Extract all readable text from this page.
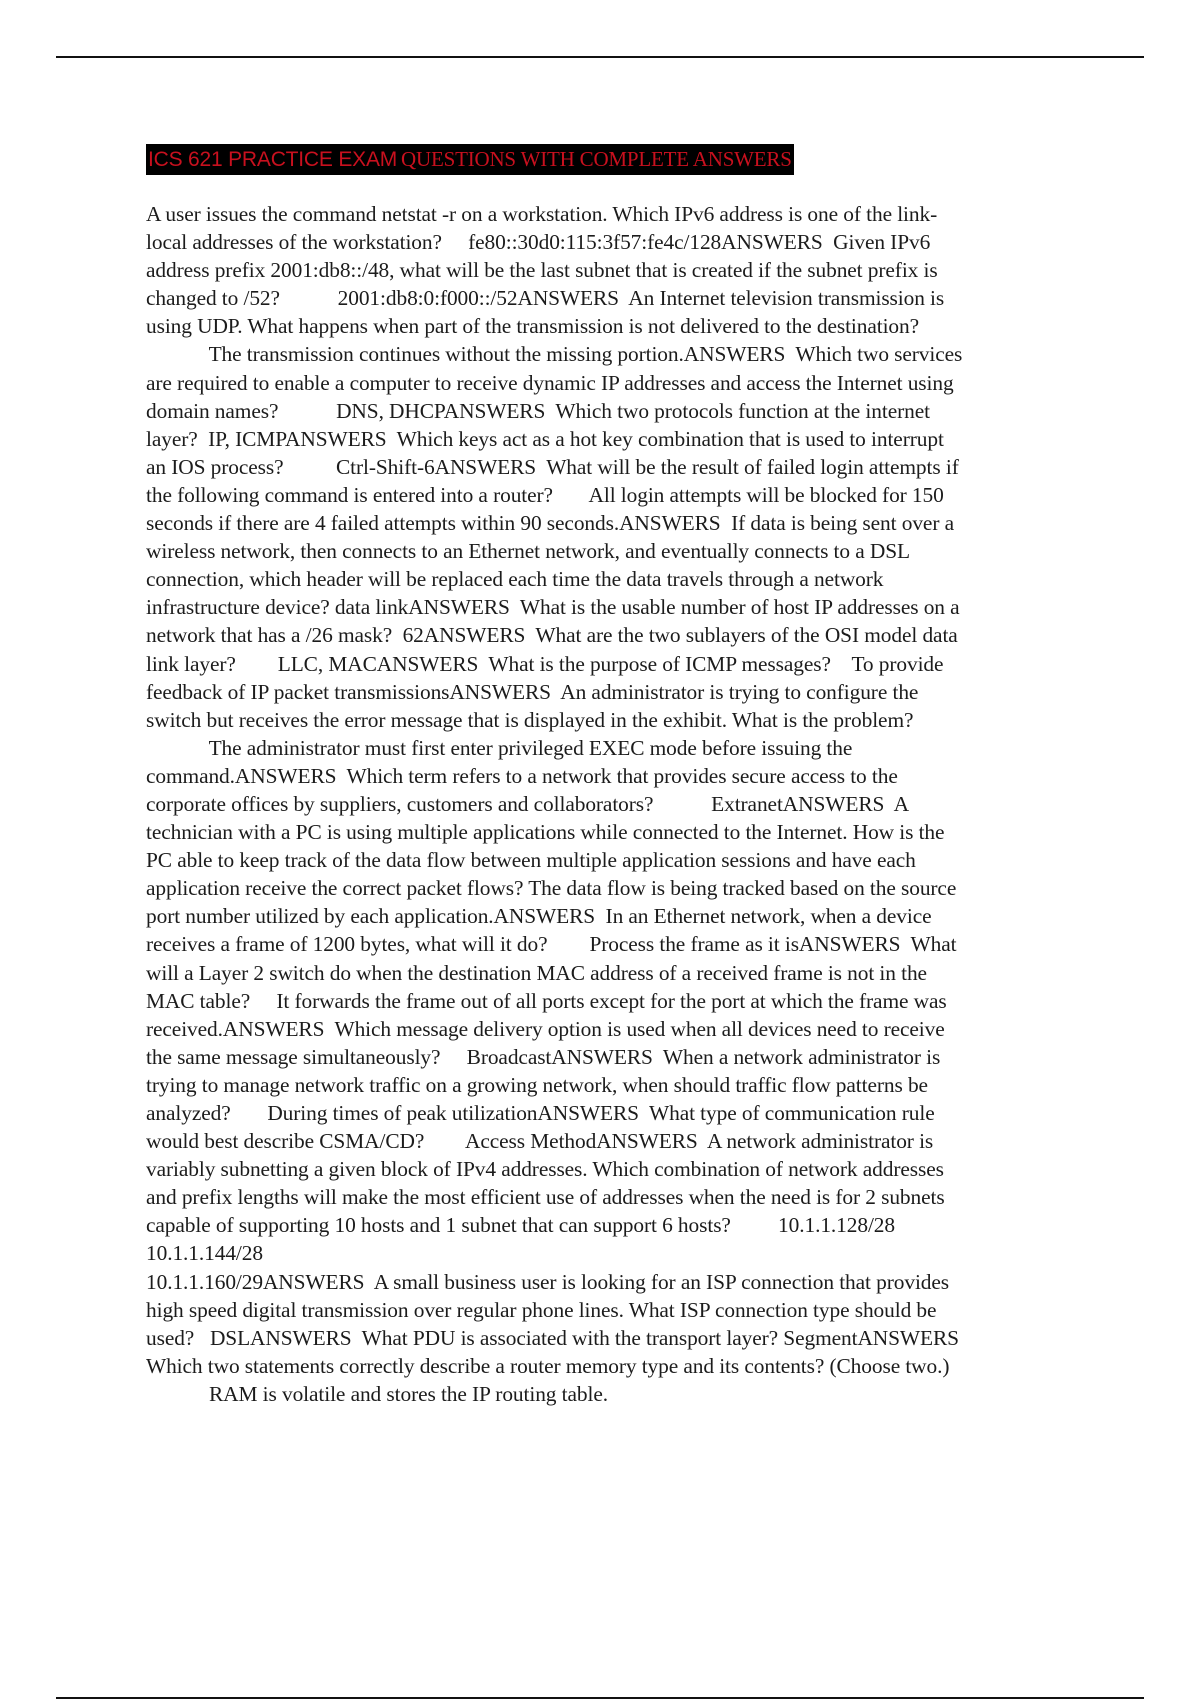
ICS 621 PRACTICE EXAM QUESTIONS WITH COMPLETE ANSWERS
A user issues the command netstat -r on a workstation. Which IPv6 address is one of the link-
local addresses of the workstation?     fe80::30d0:115:3f57:fe4c/128ANSWERS  Given IPv6
address prefix 2001:db8::/48, what will be the last subnet that is created if the subnet prefix is
changed to /52?           2001:db8:0:f000::/52ANSWERS  An Internet television transmission is
using UDP. What happens when part of the transmission is not delivered to the destination?
The transmission continues without the missing portion.ANSWERS  Which two services
are required to enable a computer to receive dynamic IP addresses and access the Internet using
domain names?           DNS, DHCPANSWERS  Which two protocols function at the internet
layer?  IP, ICMPANSWERS  Which keys act as a hot key combination that is used to interrupt
an IOS process?          Ctrl-Shift-6ANSWERS  What will be the result of failed login attempts if
the following command is entered into a router?       All login attempts will be blocked for 150
seconds if there are 4 failed attempts within 90 seconds.ANSWERS  If data is being sent over a
wireless network, then connects to an Ethernet network, and eventually connects to a DSL
connection, which header will be replaced each time the data travels through a network
infrastructure device? data linkANSWERS  What is the usable number of host IP addresses on a
network that has a /26 mask?  62ANSWERS  What are the two sublayers of the OSI model data
link layer?        LLC, MACANSWERS  What is the purpose of ICMP messages?    To provide
feedback of IP packet transmissionsANSWERS  An administrator is trying to configure the
switch but receives the error message that is displayed in the exhibit. What is the problem?
The administrator must first enter privileged EXEC mode before issuing the
command.ANSWERS  Which term refers to a network that provides secure access to the
corporate offices by suppliers, customers and collaborators?           ExtranetANSWERS  A
technician with a PC is using multiple applications while connected to the Internet. How is the
PC able to keep track of the data flow between multiple application sessions and have each
application receive the correct packet flows? The data flow is being tracked based on the source
port number utilized by each application.ANSWERS  In an Ethernet network, when a device
receives a frame of 1200 bytes, what will it do?        Process the frame as it isANSWERS  What
will a Layer 2 switch do when the destination MAC address of a received frame is not in the
MAC table?     It forwards the frame out of all ports except for the port at which the frame was
received.ANSWERS  Which message delivery option is used when all devices need to receive
the same message simultaneously?     BroadcastANSWERS  When a network administrator is
trying to manage network traffic on a growing network, when should traffic flow patterns be
analyzed?       During times of peak utilizationANSWERS  What type of communication rule
would best describe CSMA/CD?        Access MethodANSWERS  A network administrator is
variably subnetting a given block of IPv4 addresses. Which combination of network addresses
and prefix lengths will make the most efficient use of addresses when the need is for 2 subnets
capable of supporting 10 hosts and 1 subnet that can support 6 hosts?         10.1.1.128/28
10.1.1.144/28
10.1.1.160/29ANSWERS  A small business user is looking for an ISP connection that provides
high speed digital transmission over regular phone lines. What ISP connection type should be
used?   DSLANSWERS  What PDU is associated with the transport layer? SegmentANSWERS
Which two statements correctly describe a router memory type and its contents? (Choose two.)
RAM is volatile and stores the IP routing table.
